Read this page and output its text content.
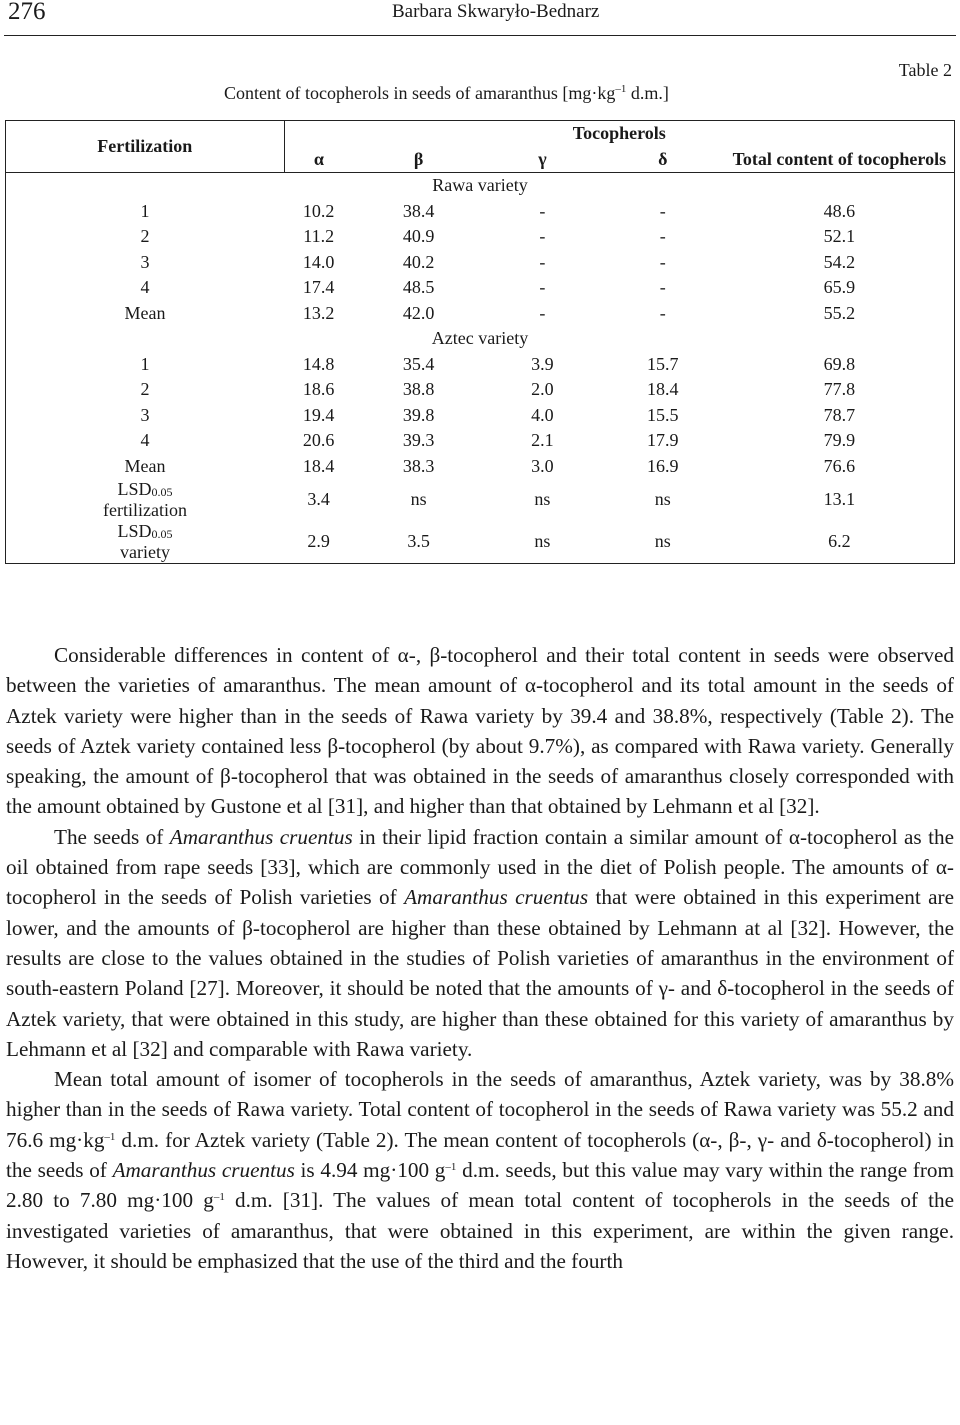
276	Barbara Skwaryło-Bednarz
Table 2
Content of tocopherols in seeds of amaranthus [$mg\cdot kg^{-1}$ d.m.]
Fertilization	Tocopherols				
	α	β	γ	δ	Total content of tocopherols
Rawa variety					
1	10.2	38.4	-	-	48.6
2	11.2	40.9	-	-	52.1
3	14.0	40.2	-	-	54.2
4	17.4	48.5	-	-	65.9
Mean	13.2	42.0	-	-	55.2
Aztec variety					
1	14.8	35.4	3.9	15.7	69.8
2	18.6	38.8	2.0	18.4	77.8
3	19.4	39.8	4.0	15.5	78.7
4	20.6	39.3	2.1	17.9	79.9
Mean	18.4	38.3	3.0	16.9	76.6
$LSD_{0.05}$
fertilization	3.4	ns	ns	ns	13.1
$LSD_{0.05}$
variety	2.9	3.5	ns	ns	6.2

Considerable differences in content of α-, β-tocopherol and their total content in seeds were observed between the varieties of amaranthus. The mean amount of α-tocopherol and its total amount in the seeds of Aztek variety were higher than in the seeds of Rawa variety by 39.4 and 38.8%, respectively (Table 2). The seeds of Aztek variety contained less β-tocopherol (by about 9.7%), as compared with Rawa variety. Generally speaking, the amount of β-tocopherol that was obtained in the seeds of amaranthus closely corresponded with the amount obtained by Gustone et al [31], and higher than that obtained by Lehmann et al [32].

The seeds of Amaranthus cruentus in their lipid fraction contain a similar amount of α-tocopherol as the oil obtained from rape seeds [33], which are commonly used in the diet of Polish people. The amounts of α-tocopherol in the seeds of Polish varieties of Amaranthus cruentus that were obtained in this experiment are lower, and the amounts of β-tocopherol are higher than these obtained by Lehmann at al [32]. However, the results are close to the values obtained in the studies of Polish varieties of amaranthus in the environment of south-eastern Poland [27]. Moreover, it should be noted that the amounts of γ- and δ-tocopherol in the seeds of Aztek variety, that were obtained in this study, are higher than these obtained for this variety of amaranthus by Lehmann et al [32] and comparable with Rawa variety.

Mean total amount of isomer of tocopherols in the seeds of amaranthus, Aztek variety, was by 38.8% higher than in the seeds of Rawa variety. Total content of tocopherol in the seeds of Rawa variety was 55.2 and 76.6 $mg\cdot kg^{-1}$ d.m. for Aztek variety (Table 2). The mean content of tocopherols (α-, β-, γ- and δ-tocopherol) in the seeds of Amaranthus cruentus is 4.94 mg·100 $g^{-1}$ d.m. seeds, but this value may vary within the range from 2.80 to 7.80 mg·100 $g^{-1}$ d.m. [31]. The values of mean total content of tocopherols in the seeds of the investigated varieties of amaranthus, that were obtained in this experiment, are within the given range. However, it should be emphasized that the use of the third and the fourth
